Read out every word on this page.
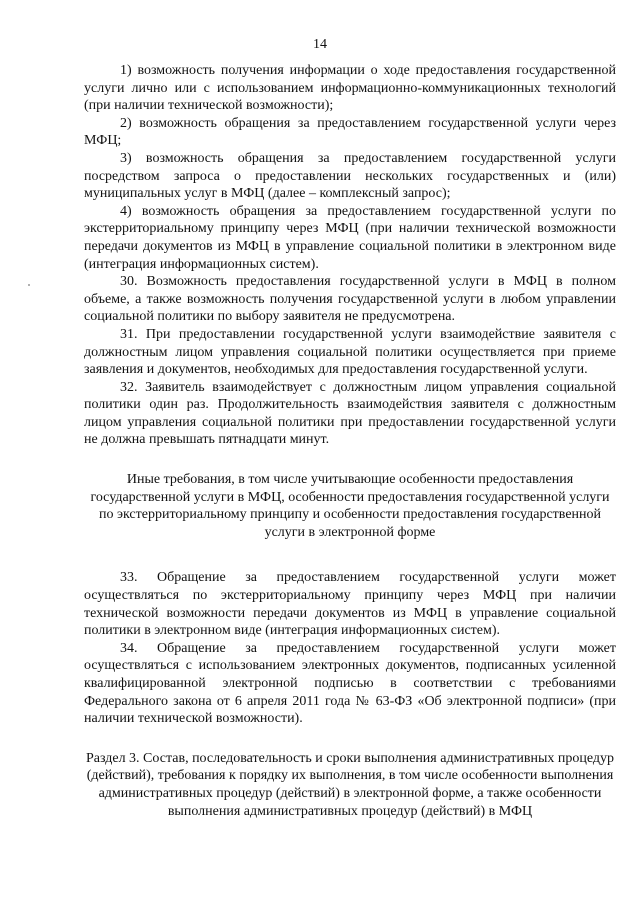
14

1) возможность получения информации о ходе предоставления государственной услуги лично или с использованием информационно-коммуникационных технологий (при наличии технической возможности);

2) возможность обращения за предоставлением государственной услуги через МФЦ;

3) возможность обращения за предоставлением государственной услуги посредством запроса о предоставлении нескольких государственных и (или) муниципальных услуг в МФЦ (далее – комплексный запрос);

4) возможность обращения за предоставлением государственной услуги по экстерриториальному принципу через МФЦ (при наличии технической возможности передачи документов из МФЦ в управление социальной политики в электронном виде (интеграция информационных систем).

30. Возможность предоставления государственной услуги в МФЦ в полном объеме, а также возможность получения государственной услуги в любом управлении социальной политики по выбору заявителя не предусмотрена.

31. При предоставлении государственной услуги взаимодействие заявителя с должностным лицом управления социальной политики осуществляется при приеме заявления и документов, необходимых для предоставления государственной услуги.

32. Заявитель взаимодействует с должностным лицом управления социальной политики один раз. Продолжительность взаимодействия заявителя с должностным лицом управления социальной политики при предоставлении государственной услуги не должна превышать пятнадцати минут.

Иные требования, в том числе учитывающие особенности предоставления государственной услуги в МФЦ, особенности предоставления государственной услуги по экстерриториальному принципу и особенности предоставления государственной услуги в электронной форме

33. Обращение за предоставлением государственной услуги может осуществляться по экстерриториальному принципу через МФЦ при наличии технической возможности передачи документов из МФЦ в управление социальной политики в электронном виде (интеграция информационных систем).

34. Обращение за предоставлением государственной услуги может осуществляться с использованием электронных документов, подписанных усиленной квалифицированной электронной подписью в соответствии с требованиями Федерального закона от 6 апреля 2011 года № 63-ФЗ «Об электронной подписи» (при наличии технической возможности).

Раздел 3. Состав, последовательность и сроки выполнения административных процедур (действий), требования к порядку их выполнения, в том числе особенности выполнения административных процедур (действий) в электронной форме, а также особенности выполнения административных процедур (действий) в МФЦ
